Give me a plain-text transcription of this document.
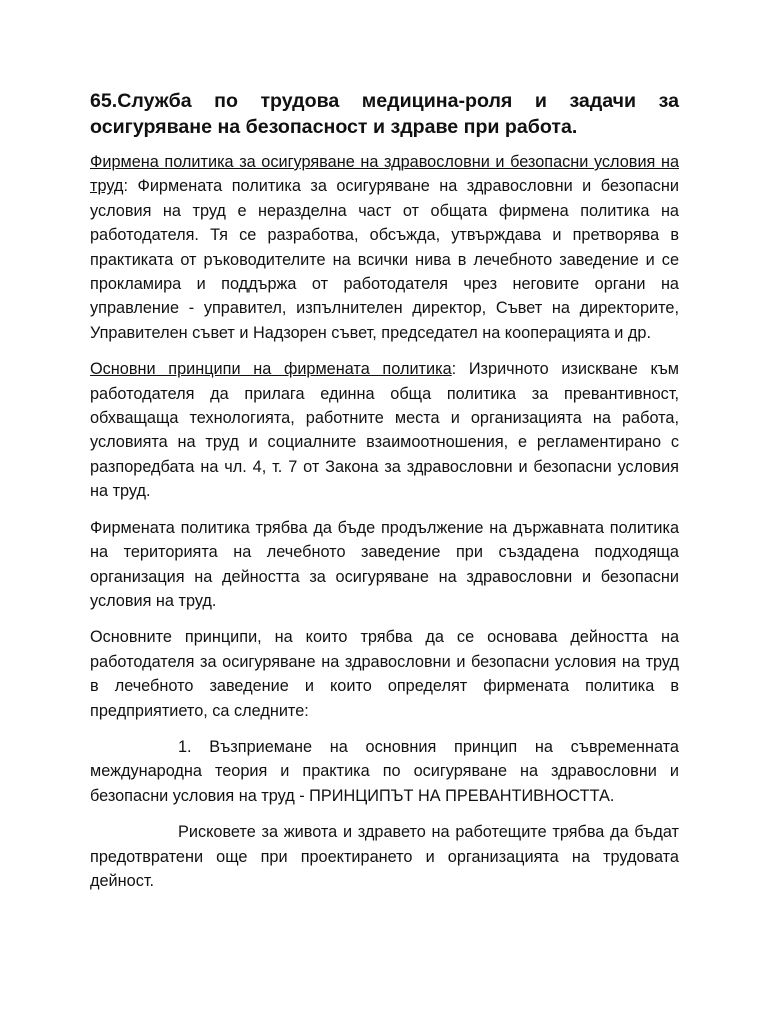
65.Служба по трудова медицина-роля и задачи за осигуряване на безопасност и здраве при работа.

Фирмена политика за осигуряване на здравословни и безопасни условия на труд: Фирмената политика за осигуряване на здравословни и безопасни условия на труд е неразделна част от общата фирмена политика на работодателя. Тя се разработва, обсъжда, утвърждава и претворява в практиката от ръководителите на всички нива в лечебното заведение и се прокламира и поддържа от работодателя чрез неговите органи на управление - управител, изпълнителен директор, Съвет на директорите, Управителен съвет и Надзорен съвет, председател на кооперацията и др.

Основни принципи на фирмената политика: Изричното изискване към работодателя да прилага единна обща политика за превантивност, обхващаща технологията, работните места и организацията на работа, условията на труд и социалните взаимоотношения, е регламентирано с разпоредбата на чл. 4, т. 7 от Закона за здравословни и безопасни условия на труд.

Фирмената политика трябва да бъде продължение на държавната политика на територията на лечебното заведение при създадена подходяща организация на дейността за осигуряване на здравословни и безопасни условия на труд.

Основните принципи, на които трябва да се основава дейността на работодателя за осигуряване на здравословни и безопасни условия на труд в лечебното заведение и които определят фирмената политика в предприятието, са следните:

1. Възприемане на основния принцип на съвременната международна теория и практика по осигуряване на здравословни и безопасни условия на труд - ПРИНЦИПЪТ НА ПРЕВАНТИВНОСТТА.

Рисковете за живота и здравето на работещите трябва да бъдат предотвратени още при проектирането и организацията на трудовата дейност.
